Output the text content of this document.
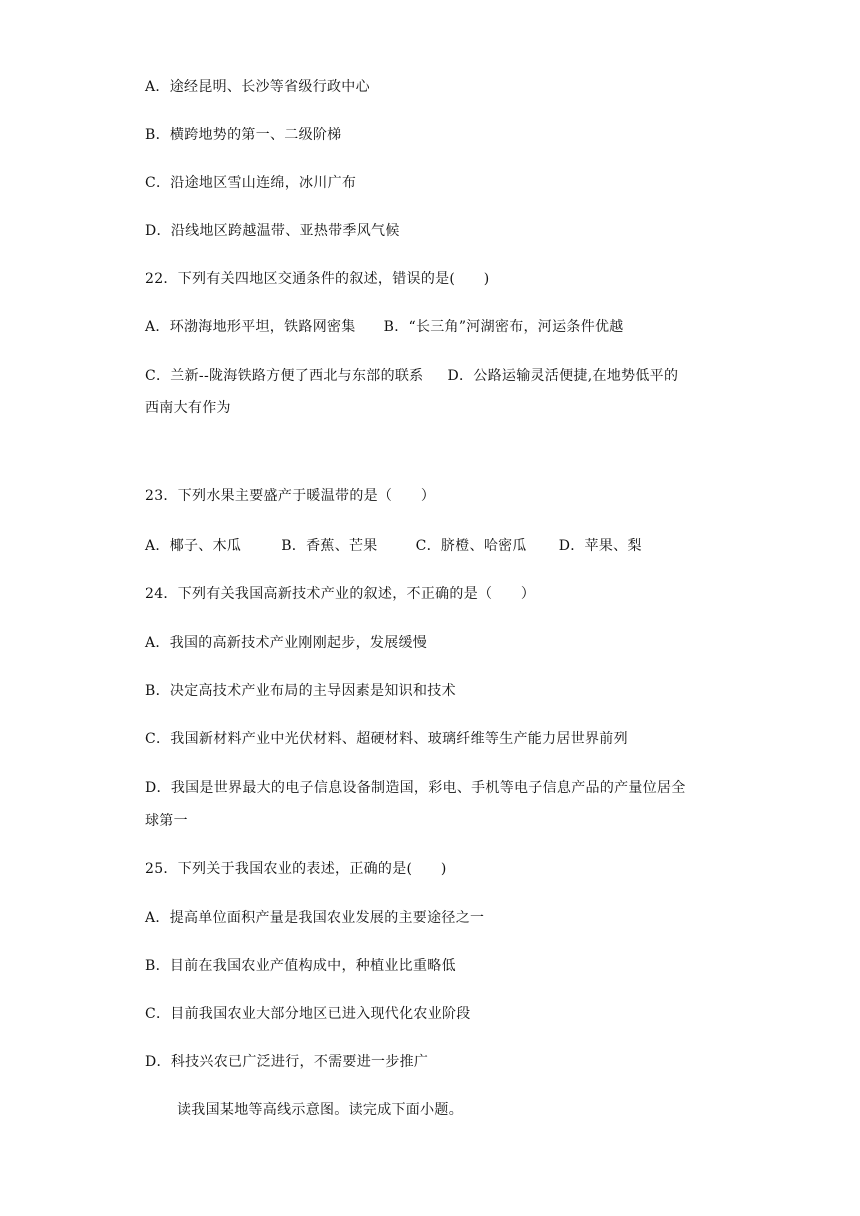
A．途经昆明、长沙等省级行政中心
B．横跨地势的第一、二级阶梯
C．沿途地区雪山连绵，冰川广布
D．沿线地区跨越温带、亚热带季风气候
22．下列有关四地区交通条件的叙述，错误的是(　　)
A．环渤海地形平坦，铁路网密集 B．“长三角”河湖密布，河运条件优越
C．兰新--陇海铁路方便了西北与东部的联系 D．公路运输灵活便捷,在地势低平的
西南大有作为
23．下列水果主要盛产于暖温带的是（　　）
A．椰子、木瓜	B．香蕉、芒果	C．脐橙、哈密瓜 D．苹果、梨
24．下列有关我国高新技术产业的叙述，不正确的是（　　）
A．我国的高新技术产业刚刚起步，发展缓慢
B．决定高技术产业布局的主导因素是知识和技术
C．我国新材料产业中光伏材料、超硬材料、玻璃纤维等生产能力居世界前列
D．我国是世界最大的电子信息设备制造国，彩电、手机等电子信息产品的产量位居全
球第一
25．下列关于我国农业的表述，正确的是(　　)
A．提高单位面积产量是我国农业发展的主要途径之一
B．目前在我国农业产值构成中，种植业比重略低
C．目前我国农业大部分地区已进入现代化农业阶段
D．科技兴农已广泛进行，不需要进一步推广
读我国某地等高线示意图。读完成下面小题。
